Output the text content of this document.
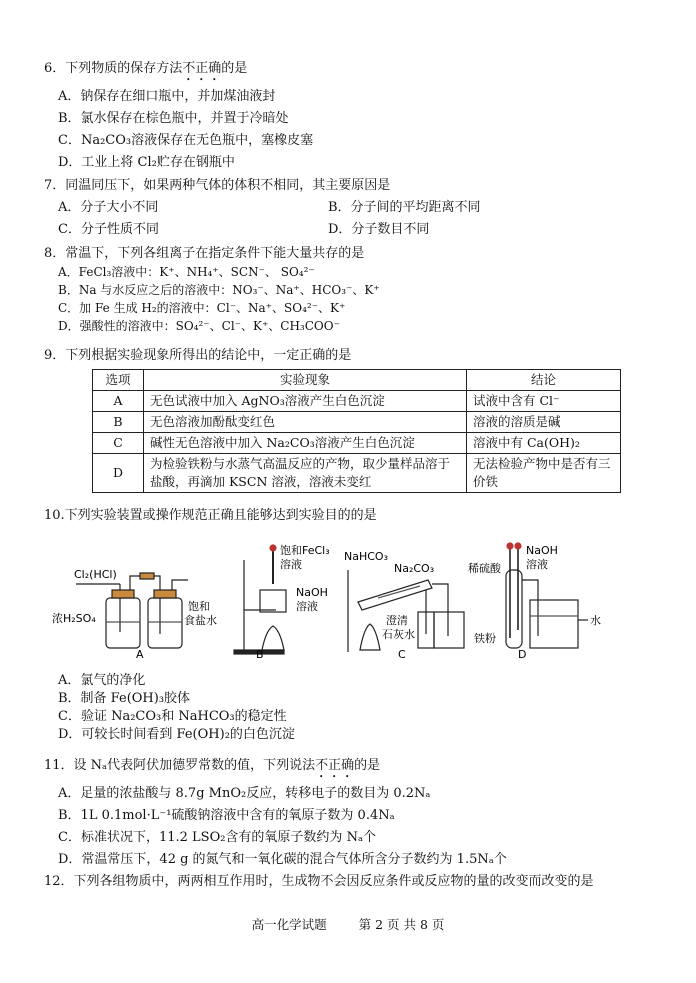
6．下列物质的保存方法不正确的是
A．钠保存在细口瓶中，并加煤油液封
B．氯水保存在棕色瓶中，并置于冷暗处
C．Na₂CO₃溶液保存在无色瓶中，塞橡皮塞
D．工业上将 Cl₂贮存在钢瓶中
7．同温同压下，如果两种气体的体积不相同，其主要原因是
A．分子大小不同	B．分子间的平均距离不同
C．分子性质不同	D．分子数目不同
8．常温下，下列各组离子在指定条件下能大量共存的是
A．FeCl₃溶液中：K⁺、NH₄⁺、SCN⁻、 SO₄²⁻
B．Na 与水反应之后的溶液中：NO₃⁻、Na⁺、HCO₃⁻、K⁺
C．加 Fe 生成 H₂的溶液中：Cl⁻、Na⁺、SO₄²⁻、K⁺
D．强酸性的溶液中：SO₄²⁻、Cl⁻、K⁺、CH₃COO⁻
9．下列根据实验现象所得出的结论中，一定正确的是
选项	实验现象	结论
A	无色试液中加入 AgNO₃溶液产生白色沉淀	试液中含有 Cl⁻
B	无色溶液加酚酞变红色	溶液的溶质是碱
C	碱性无色溶液中加入 Na₂CO₃溶液产生白色沉淀	溶液中有 Ca(OH)₂
D	为检验铁粉与水蒸气高温反应的产物，取少量样品溶于盐酸，再滴加 KSCN 溶液，溶液未变红	无法检验产物中是否有三价铁
10.下列实验装置或操作规范正确且能够达到实验目的的是
Cl₂(HCl)
浓H₂SO₄
饱和
食盐水
A
饱和FeCl₃
溶液
NaOH
溶液
B
NaHCO₃
Na₂CO₃
澄清
石灰水
C
稀硫酸
NaOH
溶液
铁粉
水
D
A．氯气的净化
B．制备 Fe(OH)₃胶体
C．验证 Na₂CO₃和 NaHCO₃的稳定性
D．可较长时间看到 Fe(OH)₂的白色沉淀
11．设 Nₐ代表阿伏加德罗常数的值，下列说法不正确的是
A．足量的浓盐酸与 8.7g MnO₂反应，转移电子的数目为 0.2Nₐ
B．1L 0.1mol·L⁻¹硫酸钠溶液中含有的氧原子数为 0.4Nₐ
C．标准状况下，11.2 LSO₂含有的氧原子数约为 Nₐ个
D．常温常压下，42 g 的氮气和一氧化碳的混合气体所含分子数约为 1.5Nₐ个
12．下列各组物质中，两两相互作用时，生成物不会因反应条件或反应物的量的改变而改变的是
高一化学试题	第 2 页 共 8 页
